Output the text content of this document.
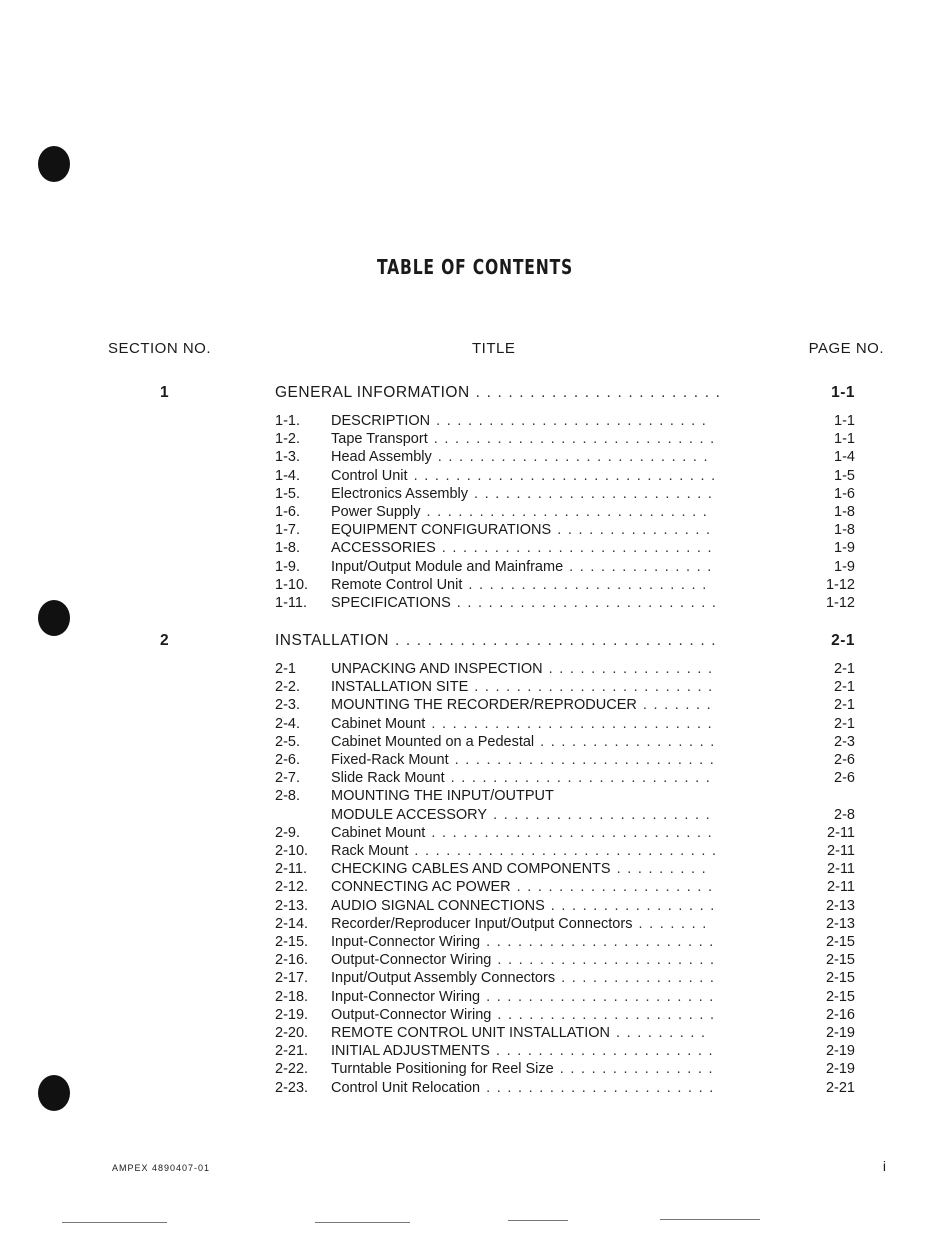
TABLE OF CONTENTS
SECTION NO.	TITLE	PAGE NO.
1	GENERAL INFORMATION .......................	1-1
1-1. DESCRIPTION ..........................	1-1
1-2. Tape Transport ...........................	1-1
1-3. Head Assembly ..........................	1-4
1-4. Control Unit .............................	1-5
1-5. Electronics Assembly .......................	1-6
1-6. Power Supply ...........................	1-8
1-7. EQUIPMENT CONFIGURATIONS ...............	1-8
1-8. ACCESSORIES ..........................	1-9
1-9. Input/Output Module and Mainframe ..............	1-9
1-10. Remote Control Unit .......................	1-12
1-11. SPECIFICATIONS .........................	1-12
2	INSTALLATION ..............................	2-1
2-1 UNPACKING AND INSPECTION ................	2-1
2-2. INSTALLATION SITE .......................	2-1
2-3. MOUNTING THE RECORDER/REPRODUCER .......	2-1
2-4. Cabinet Mount ...........................	2-1
2-5. Cabinet Mounted on a Pedestal .................	2-3
2-6. Fixed-Rack Mount .........................	2-6
2-7. Slide Rack Mount .........................	2-6
2-8. MOUNTING THE INPUT/OUTPUT
MODULE ACCESSORY .....................	2-8
2-9. Cabinet Mount ...........................	2-11
2-10. Rack Mount .............................	2-11
2-11. CHECKING CABLES AND COMPONENTS .........	2-11
2-12. CONNECTING AC POWER ...................	2-11
2-13. AUDIO SIGNAL CONNECTIONS ................	2-13
2-14. Recorder/Reproducer Input/Output Connectors .......	2-13
2-15. Input-Connector Wiring ......................	2-15
2-16. Output-Connector Wiring .....................	2-15
2-17. Input/Output Assembly Connectors ...............	2-15
2-18. Input-Connector Wiring ......................	2-15
2-19. Output-Connector Wiring .....................	2-16
2-20. REMOTE CONTROL UNIT INSTALLATION .........	2-19
2-21. INITIAL ADJUSTMENTS .....................	2-19
2-22. Turntable Positioning for Reel Size ...............	2-19
2-23. Control Unit Relocation ......................	2-21
AMPEX 4890407-01	i
